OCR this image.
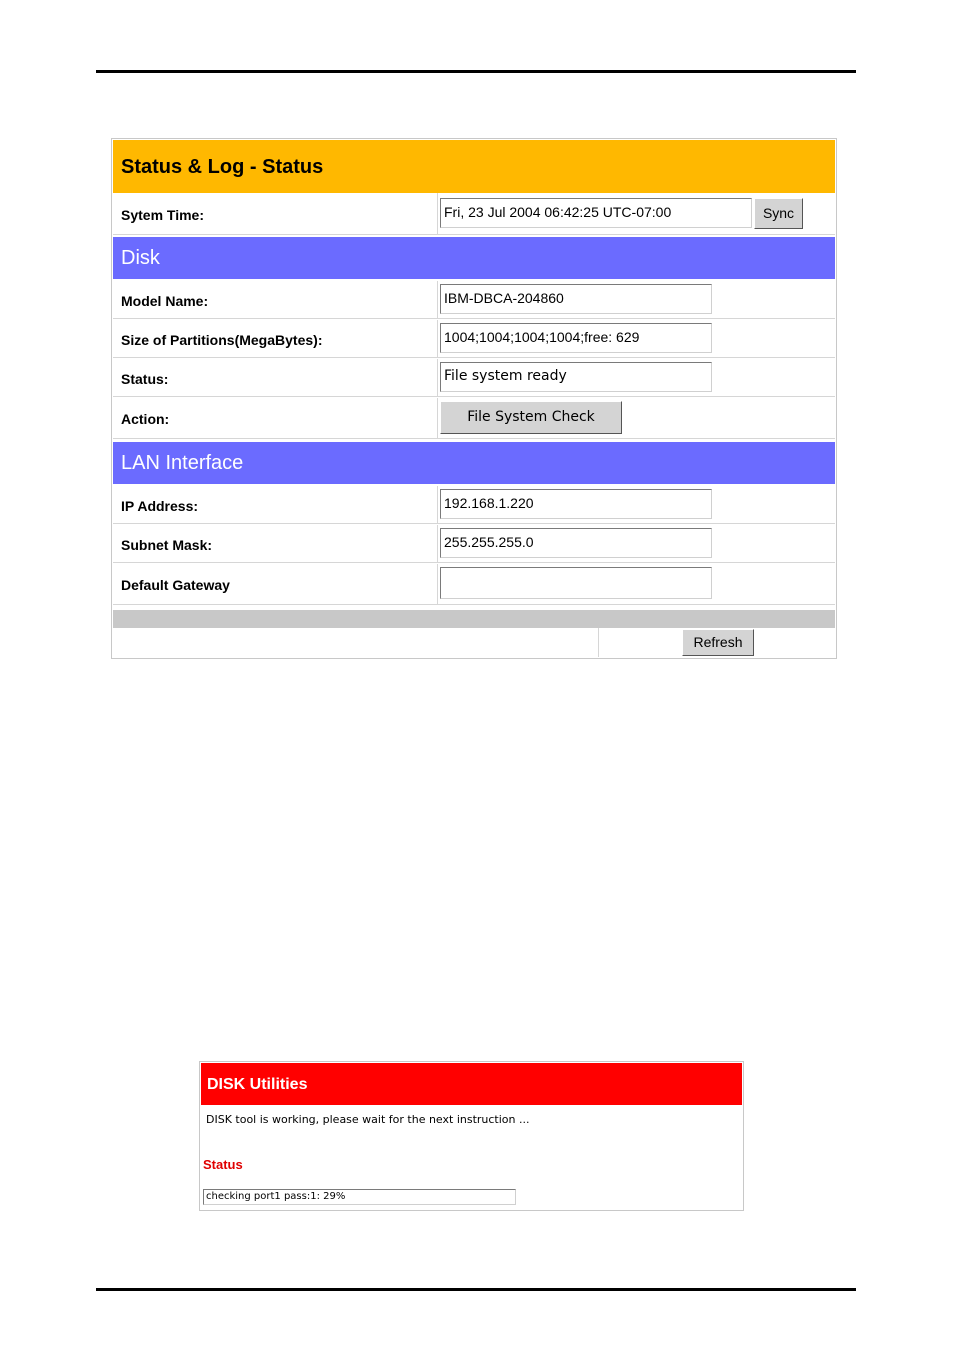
Status & Log - Status
Sytem Time:	Fri, 23 Jul 2004 06:42:25 UTC-07:00	Sync
Disk
Model Name:	IBM-DBCA-204860
Size of Partitions(MegaBytes):	1004;1004;1004;1004;free: 629
Status:	File system ready
Action:	File System Check
LAN Interface
IP Address:	192.168.1.220
Subnet Mask:	255.255.255.0
Default Gateway
Refresh
DISK Utilities
DISK tool is working, please wait for the next instruction ...
Status
checking port1 pass:1: 29%
